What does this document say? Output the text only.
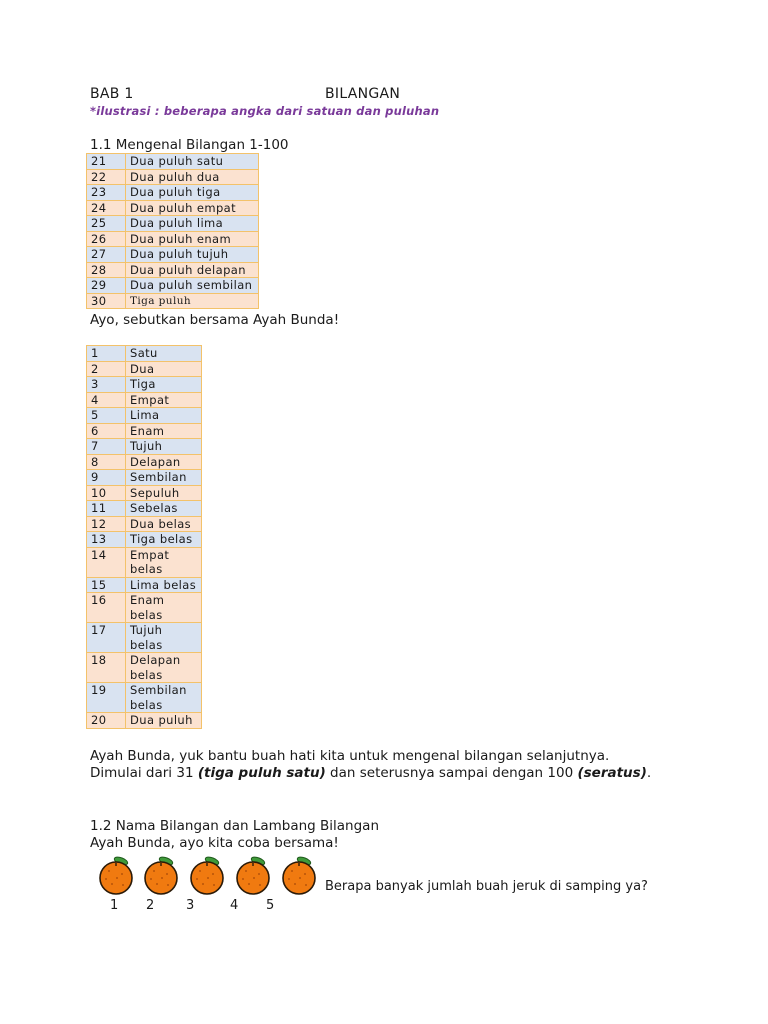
BAB 1	BILANGAN
*ilustrasi : beberapa angka dari satuan dan puluhan
1.1 Mengenal Bilangan 1-100
21	Dua puluh satu
22	Dua puluh dua
23	Dua puluh tiga
24	Dua puluh empat
25	Dua puluh lima
26	Dua puluh enam
27	Dua puluh tujuh
28	Dua puluh delapan
29	Dua puluh sembilan
30	Tiga puluh
Ayo, sebutkan bersama Ayah Bunda!
1	Satu
2	Dua
3	Tiga
4	Empat
5	Lima
6	Enam
7	Tujuh
8	Delapan
9	Sembilan
10	Sepuluh
11	Sebelas
12	Dua belas
13	Tiga belas
14	Empat belas
15	Lima belas
16	Enam belas
17	Tujuh belas
18	Delapan belas
19	Sembilan belas
20	Dua puluh
Ayah Bunda, yuk bantu buah hati kita untuk mengenal bilangan selanjutnya.
Dimulai dari 31 (tiga puluh satu) dan seterusnya sampai dengan 100 (seratus).
1.2 Nama Bilangan dan Lambang Bilangan
Ayah Bunda, ayo kita coba bersama!
1 2 3	4 5
Berapa banyak jumlah buah jeruk di samping ya?
